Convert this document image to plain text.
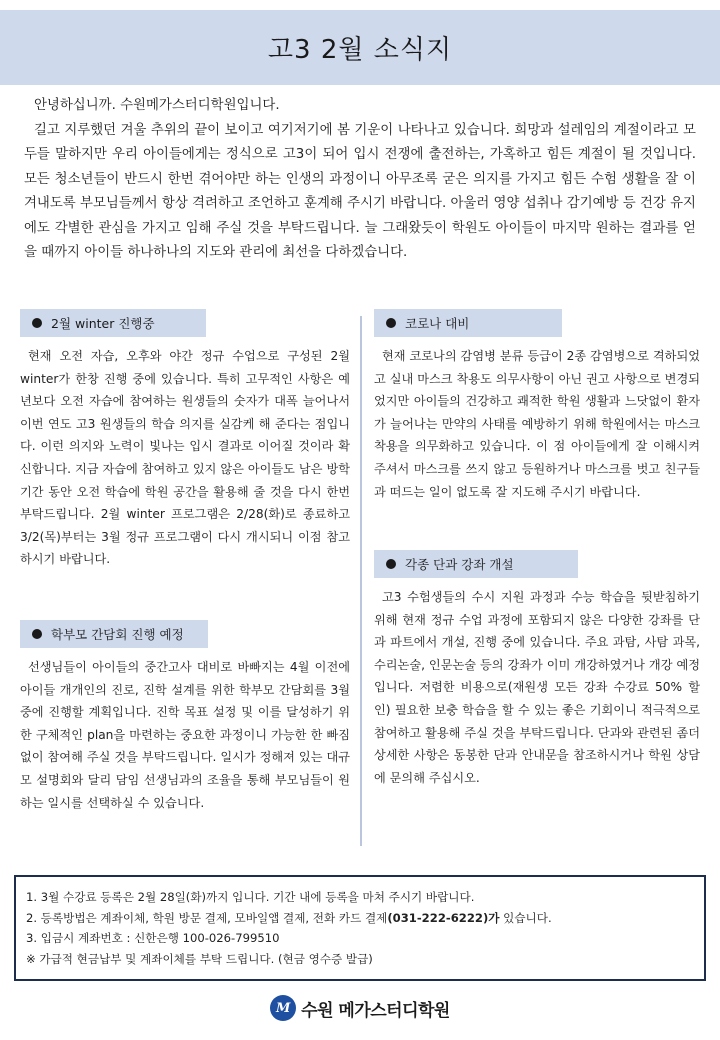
고3 2월 소식지

안녕하십니까. 수원메가스터디학원입니다.

길고 지루했던 겨울 추위의 끝이 보이고 여기저기에 봄 기운이 나타나고 있습니다. 희망과 설레임의 계절이라고 모두들 말하지만 우리 아이들에게는 정식으로 고3이 되어 입시 전쟁에 출전하는, 가혹하고 힘든 계절이 될 것입니다. 모든 청소년들이 반드시 한번 겪어야만 하는 인생의 과정이니 아무조록 굳은 의지를 가지고 힘든 수험 생활을 잘 이겨내도록 부모님들께서 항상 격려하고 조언하고 훈계해 주시기 바랍니다. 아울러 영양 섭취나 감기예방 등 건강 유지에도 각별한 관심을 가지고 임해 주실 것을 부탁드립니다. 늘 그래왔듯이 학원도 아이들이 마지막 원하는 결과를 얻을 때까지 아이들 하나하나의 지도와 관리에 최선을 다하겠습니다.

2월 winter 진행중

현재 오전 자습, 오후와 야간 정규 수업으로 구성된 2월 winter가 한창 진행 중에 있습니다. 특히 고무적인 사항은 예년보다 오전 자습에 참여하는 원생들의 숫자가 대폭 늘어나서 이번 연도 고3 원생들의 학습 의지를 실감케 해 준다는 점입니다. 이런 의지와 노력이 빛나는 입시 결과로 이어질 것이라 확신합니다. 지금 자습에 참여하고 있지 않은 아이들도 남은 방학 기간 동안 오전 학습에 학원 공간을 활용해 줄 것을 다시 한번 부탁드립니다. 2월 winter 프로그램은 2/28(화)로 종료하고 3/2(목)부터는 3월 정규 프로그램이 다시 개시되니 이점 참고하시기 바랍니다.

학부모 간담회 진행 예정

선생님들이 아이들의 중간고사 대비로 바빠지는 4월 이전에 아이들 개개인의 진로, 진학 설계를 위한 학부모 간담회를 3월 중에 진행할 계획입니다. 진학 목표 설정 및 이를 달성하기 위한 구체적인 plan을 마련하는 중요한 과정이니 가능한 한 빠짐없이 참여해 주실 것을 부탁드립니다. 일시가 정해져 있는 대규모 설명회와 달리 담임 선생님과의 조율을 통해 부모님들이 원하는 일시를 선택하실 수 있습니다.

코로나 대비

현재 코로나의 감염병 분류 등급이 2종 감염병으로 격하되었고 실내 마스크 착용도 의무사항이 아닌 권고 사항으로 변경되었지만 아이들의 건강하고 쾌적한 학원 생활과 느닷없이 환자가 늘어나는 만약의 사태를 예방하기 위해 학원에서는 마스크 착용을 의무화하고 있습니다. 이 점 아이들에게 잘 이해시켜 주셔서 마스크를 쓰지 않고 등원하거나 마스크를 벗고 친구들과 떠드는 일이 없도록 잘 지도해 주시기 바랍니다.

각종 단과 강좌 개설

고3 수험생들의 수시 지원 과정과 수능 학습을 뒷받침하기 위해 현재 정규 수업 과정에 포함되지 않은 다양한 강좌를 단과 파트에서 개설, 진행 중에 있습니다. 주요 과탐, 사탐 과목, 수리논술, 인문논술 등의 강좌가 이미 개강하였거나 개강 예정입니다. 저렴한 비용으로(재원생 모든 강좌 수강료 50% 할인) 필요한 보충 학습을 할 수 있는 좋은 기회이니 적극적으로 참여하고 활용해 주실 것을 부탁드립니다. 단과와 관련된 좀더 상세한 사항은 동봉한 단과 안내문을 참조하시거나 학원 상담에 문의해 주십시오.

1. 3월 수강료 등록은 2월 28일(화)까지 입니다. 기간 내에 등록을 마쳐 주시기 바랍니다.
2. 등록방법은 계좌이체, 학원 방문 결제, 모바일앱 결제, 전화 카드 결제(031-222-6222)가 있습니다.
3. 입금시 계좌번호 : 신한은행 100-026-799510
※ 가급적 현금납부 및 계좌이체를 부탁 드립니다. (현금 영수증 발급)
M 수원 메가스터디학원
